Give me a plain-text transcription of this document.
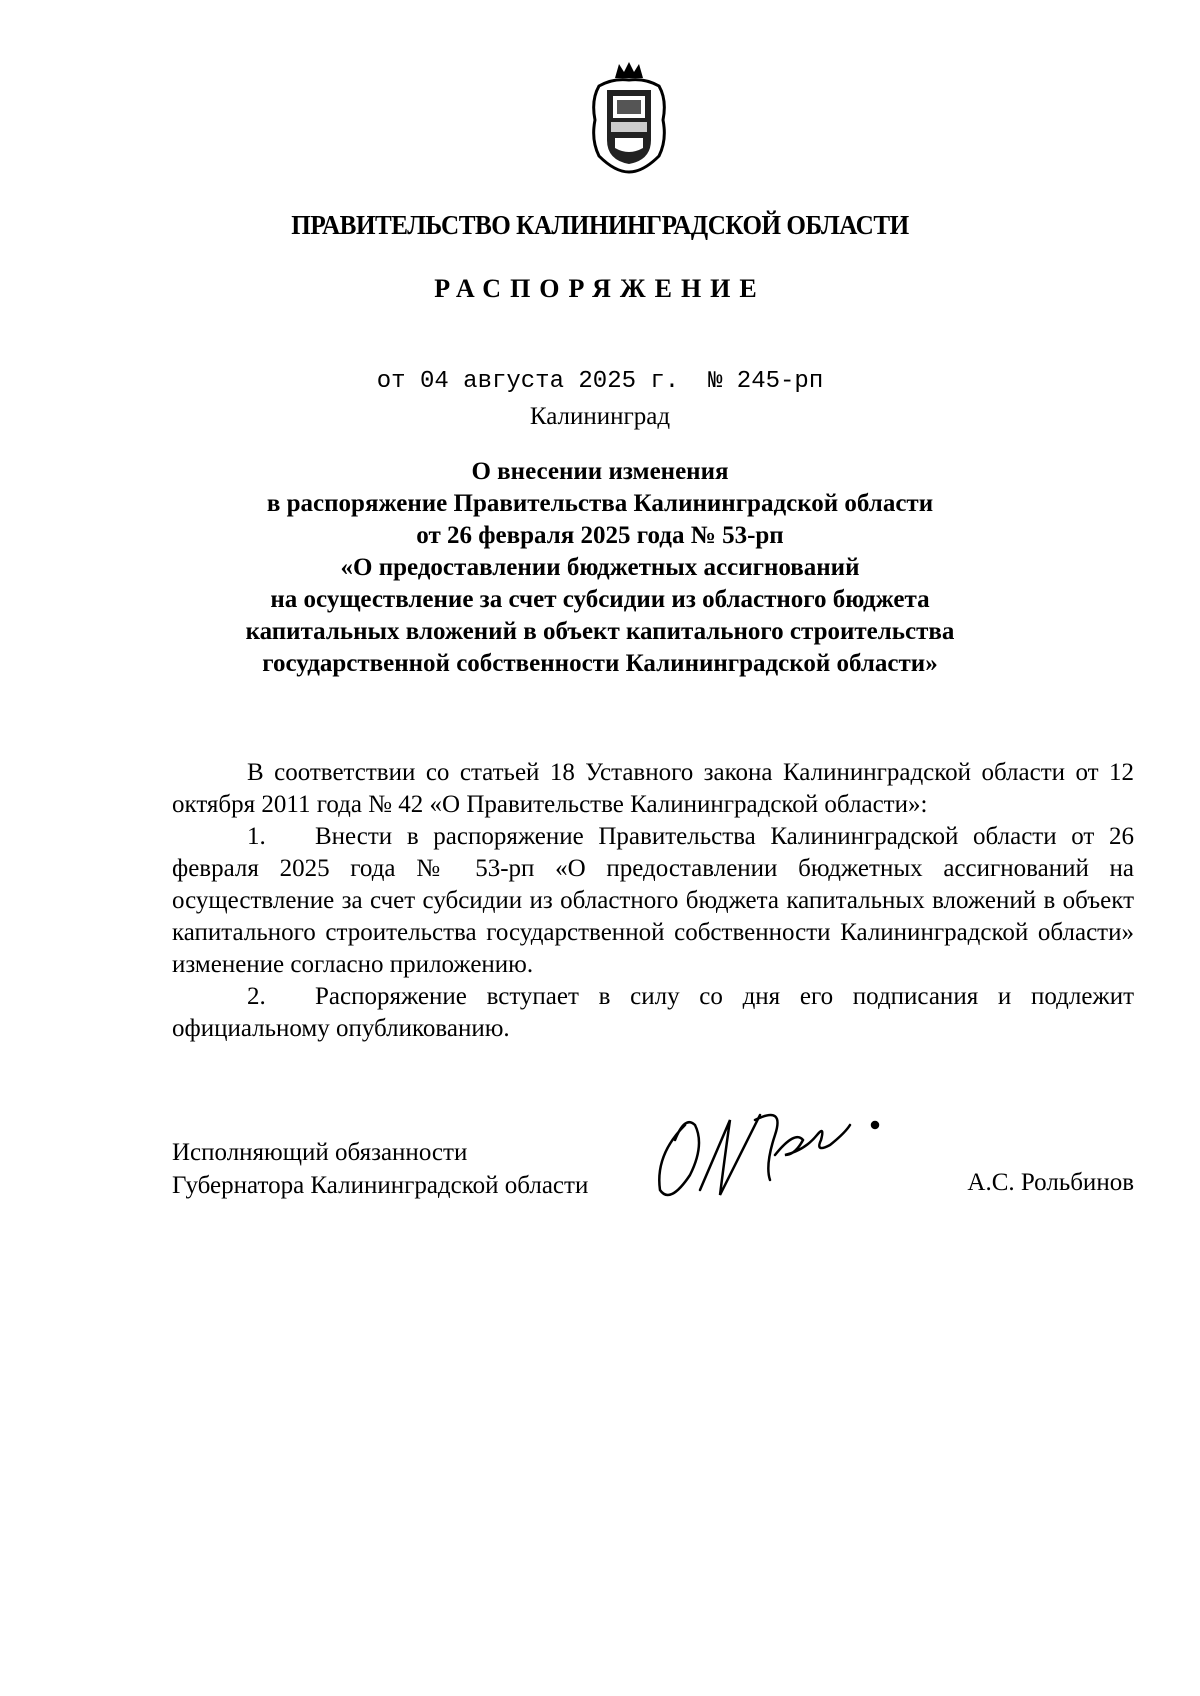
ПРАВИТЕЛЬСТВО КАЛИНИНГРАДСКОЙ ОБЛАСТИ
РАСПОРЯЖЕНИЕ
от 04 августа 2025 г.  № 245-рп
Калининград
О внесении изменения
в распоряжение Правительства Калининградской области
от 26 февраля 2025 года № 53-рп
«О предоставлении бюджетных ассигнований
на осуществление за счет субсидии из областного бюджета
капитальных вложений в объект капитального строительства
государственной собственности Калининградской области»

В соответствии со статьей 18 Уставного закона Калининградской области от 12 октября 2011 года № 42 «О Правительстве Калининградской области»:

1. Внести в распоряжение Правительства Калининградской области от 26 февраля 2025 года № 53-рп «О предоставлении бюджетных ассигнований на осуществление за счет субсидии из областного бюджета капитальных вложений в объект капитального строительства государственной собственности Калининградской области» изменение согласно приложению.

2. Распоряжение вступает в силу со дня его подписания и подлежит официальному опубликованию.

Исполняющий обязанности
Губернатора Калининградской области	А.С. Рольбинов
